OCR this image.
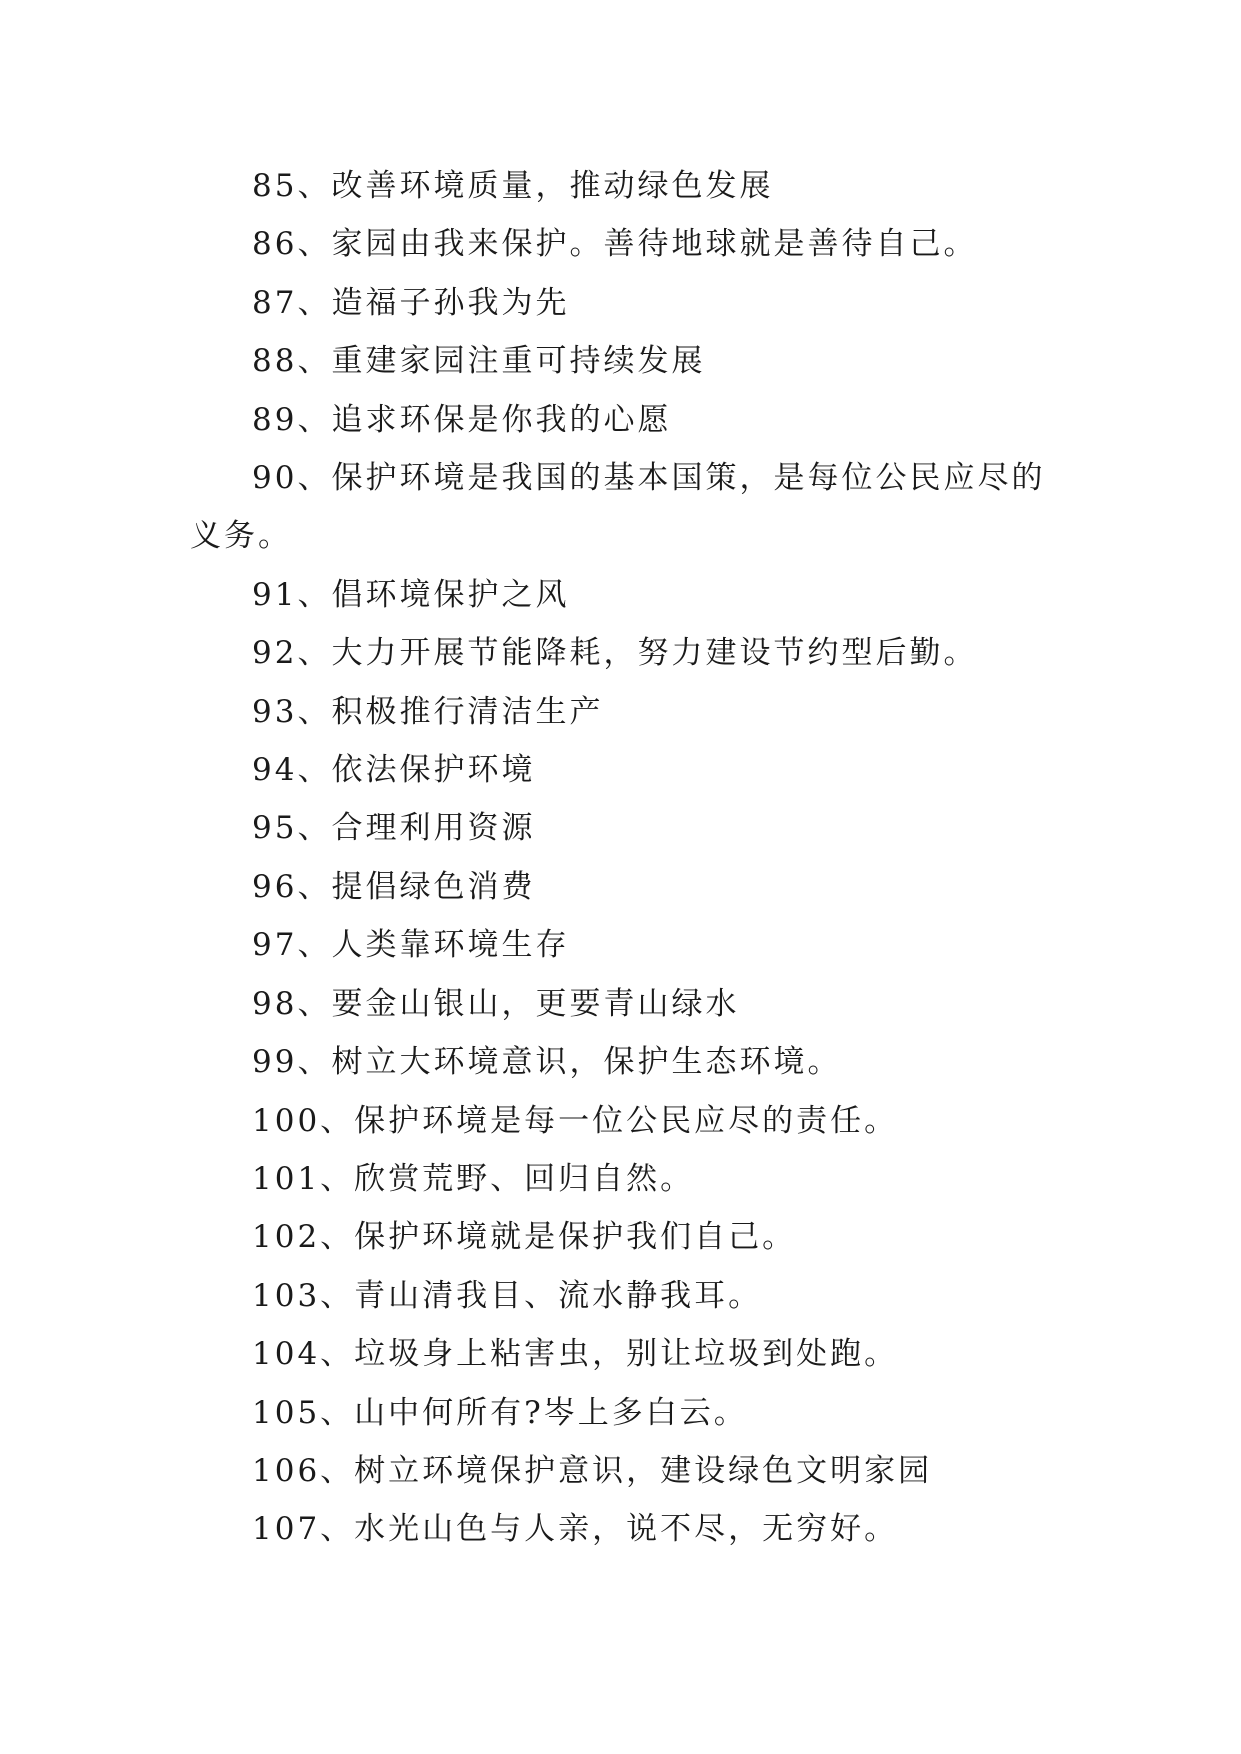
85、改善环境质量，推动绿色发展

86、家园由我来保护。善待地球就是善待自己。

87、造福子孙我为先

88、重建家园注重可持续发展

89、追求环保是你我的心愿

90、保护环境是我国的基本国策，是每位公民应尽的义务。

91、倡环境保护之风

92、大力开展节能降耗，努力建设节约型后勤。

93、积极推行清洁生产

94、依法保护环境

95、合理利用资源

96、提倡绿色消费

97、人类靠环境生存

98、要金山银山，更要青山绿水

99、树立大环境意识，保护生态环境。

100、保护环境是每一位公民应尽的责任。

101、欣赏荒野、回归自然。

102、保护环境就是保护我们自己。

103、青山清我目、流水静我耳。

104、垃圾身上粘害虫，别让垃圾到处跑。

105、山中何所有?岑上多白云。

106、树立环境保护意识，建设绿色文明家园

107、水光山色与人亲，说不尽，无穷好。
